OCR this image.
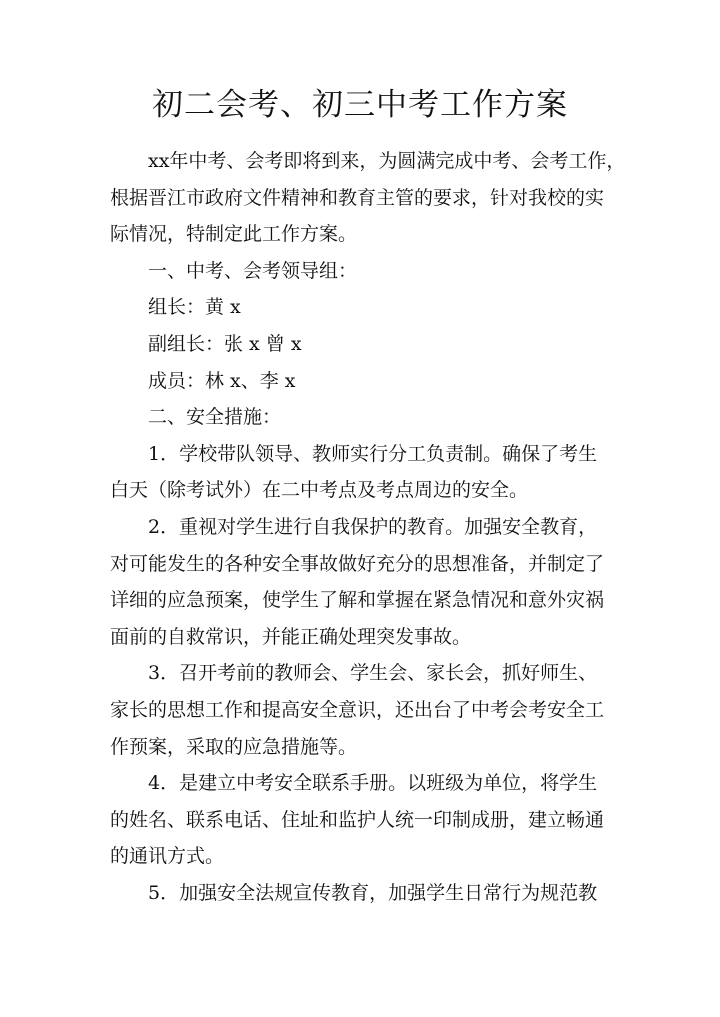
初二会考、初三中考工作方案

xx年中考、会考即将到来，为圆满完成中考、会考工作，
根据晋江市政府文件精神和教育主管的要求，针对我校的实
际情况，特制定此工作方案。

一、中考、会考领导组：

组长：黄 x

副组长：张 x 曾 x

成员：林 x、李 x

二、安全措施：

1．学校带队领导、教师实行分工负责制。确保了考生
白天（除考试外）在二中考点及考点周边的安全。

2．重视对学生进行自我保护的教育。加强安全教育，
对可能发生的各种安全事故做好充分的思想准备，并制定了
详细的应急预案，使学生了解和掌握在紧急情况和意外灾祸
面前的自救常识，并能正确处理突发事故。

3．召开考前的教师会、学生会、家长会，抓好师生、
家长的思想工作和提高安全意识，还出台了中考会考安全工
作预案，采取的应急措施等。

4．是建立中考安全联系手册。以班级为单位，将学生
的姓名、联系电话、住址和监护人统一印制成册，建立畅通
的通讯方式。

5．加强安全法规宣传教育，加强学生日常行为规范教
